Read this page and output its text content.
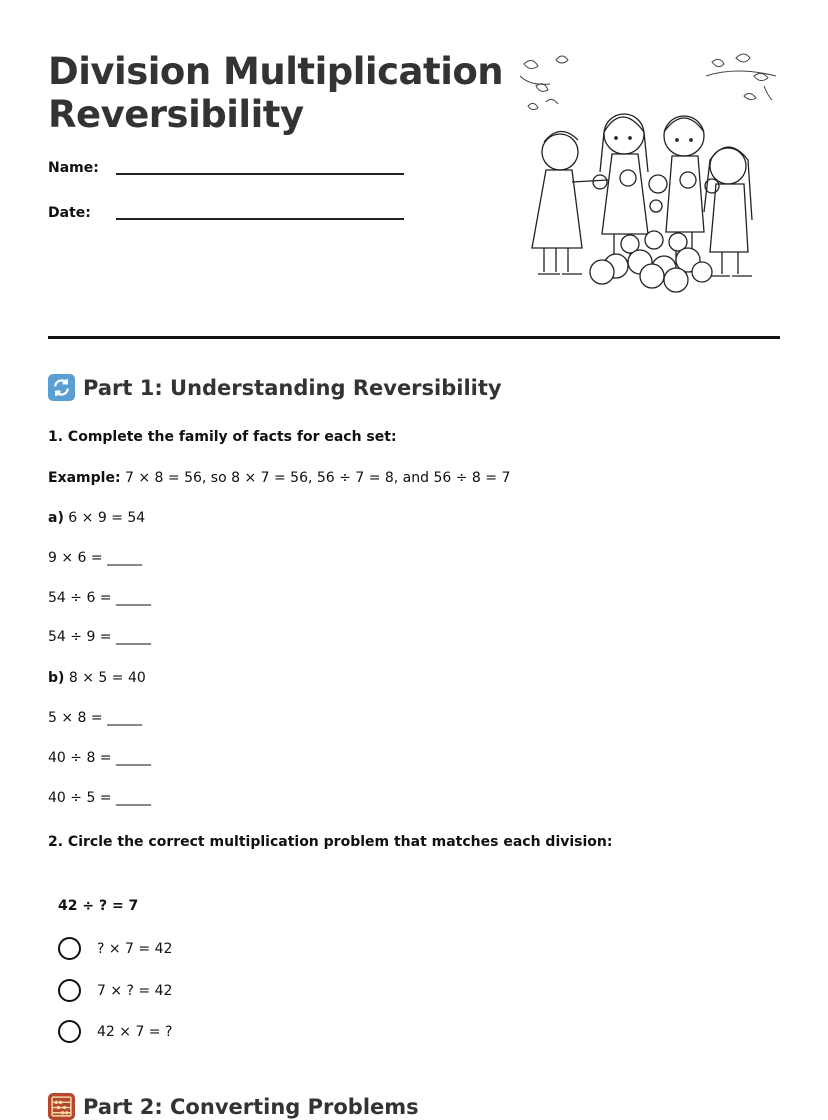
Division Multiplication Reversibility
Name:
Date:
Part 1: Understanding Reversibility
1. Complete the family of facts for each set:
Example: 7 × 8 = 56, so 8 × 7 = 56, 56 ÷ 7 = 8, and 56 ÷ 8 = 7
a) 6 × 9 = 54
9 × 6 = _____
54 ÷ 6 = _____
54 ÷ 9 = _____
b) 8 × 5 = 40
5 × 8 = _____
40 ÷ 8 = _____
40 ÷ 5 = _____
2. Circle the correct multiplication problem that matches each division:
42 ÷ ? = 7
? × 7 = 42
7 × ? = 42
42 × 7 = ?
Part 2: Converting Problems
